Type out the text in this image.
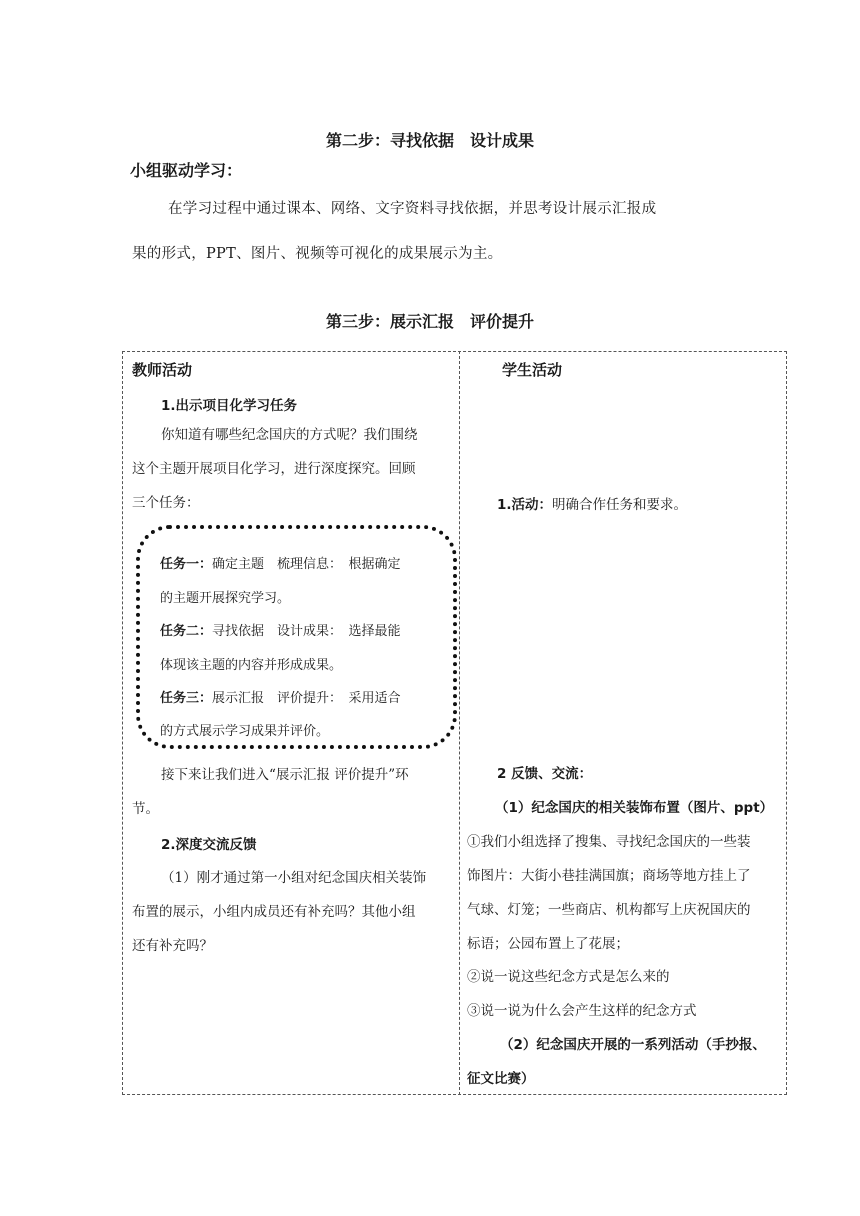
第二步：寻找依据　设计成果
小组驱动学习：
在学习过程中通过课本、网络、文字资料寻找依据，并思考设计展示汇报成
果的形式，PPT、图片、视频等可视化的成果展示为主。
第三步：展示汇报　评价提升
教师活动
1.出示项目化学习任务
你知道有哪些纪念国庆的方式呢？我们围绕
这个主题开展项目化学习，进行深度探究。回顾
三个任务：
任务一：确定主题　梳理信息：　根据确定
的主题开展探究学习。
任务二：寻找依据　设计成果：　选择最能
体现该主题的内容并形成成果。
任务三：展示汇报　评价提升：　采用适合
的方式展示学习成果并评价。
接下来让我们进入“展示汇报 评价提升”环
节。
2.深度交流反馈
（1）刚才通过第一小组对纪念国庆相关装饰
布置的展示，小组内成员还有补充吗？其他小组
还有补充吗？
学生活动
1.活动：明确合作任务和要求。
2 反馈、交流：
（1）纪念国庆的相关装饰布置（图片、ppt）
①我们小组选择了搜集、寻找纪念国庆的一些装
饰图片：大街小巷挂满国旗；商场等地方挂上了
气球、灯笼；一些商店、机构都写上庆祝国庆的
标语；公园布置上了花展；
②说一说这些纪念方式是怎么来的
③说一说为什么会产生这样的纪念方式
（2）纪念国庆开展的一系列活动（手抄报、
征文比赛）
